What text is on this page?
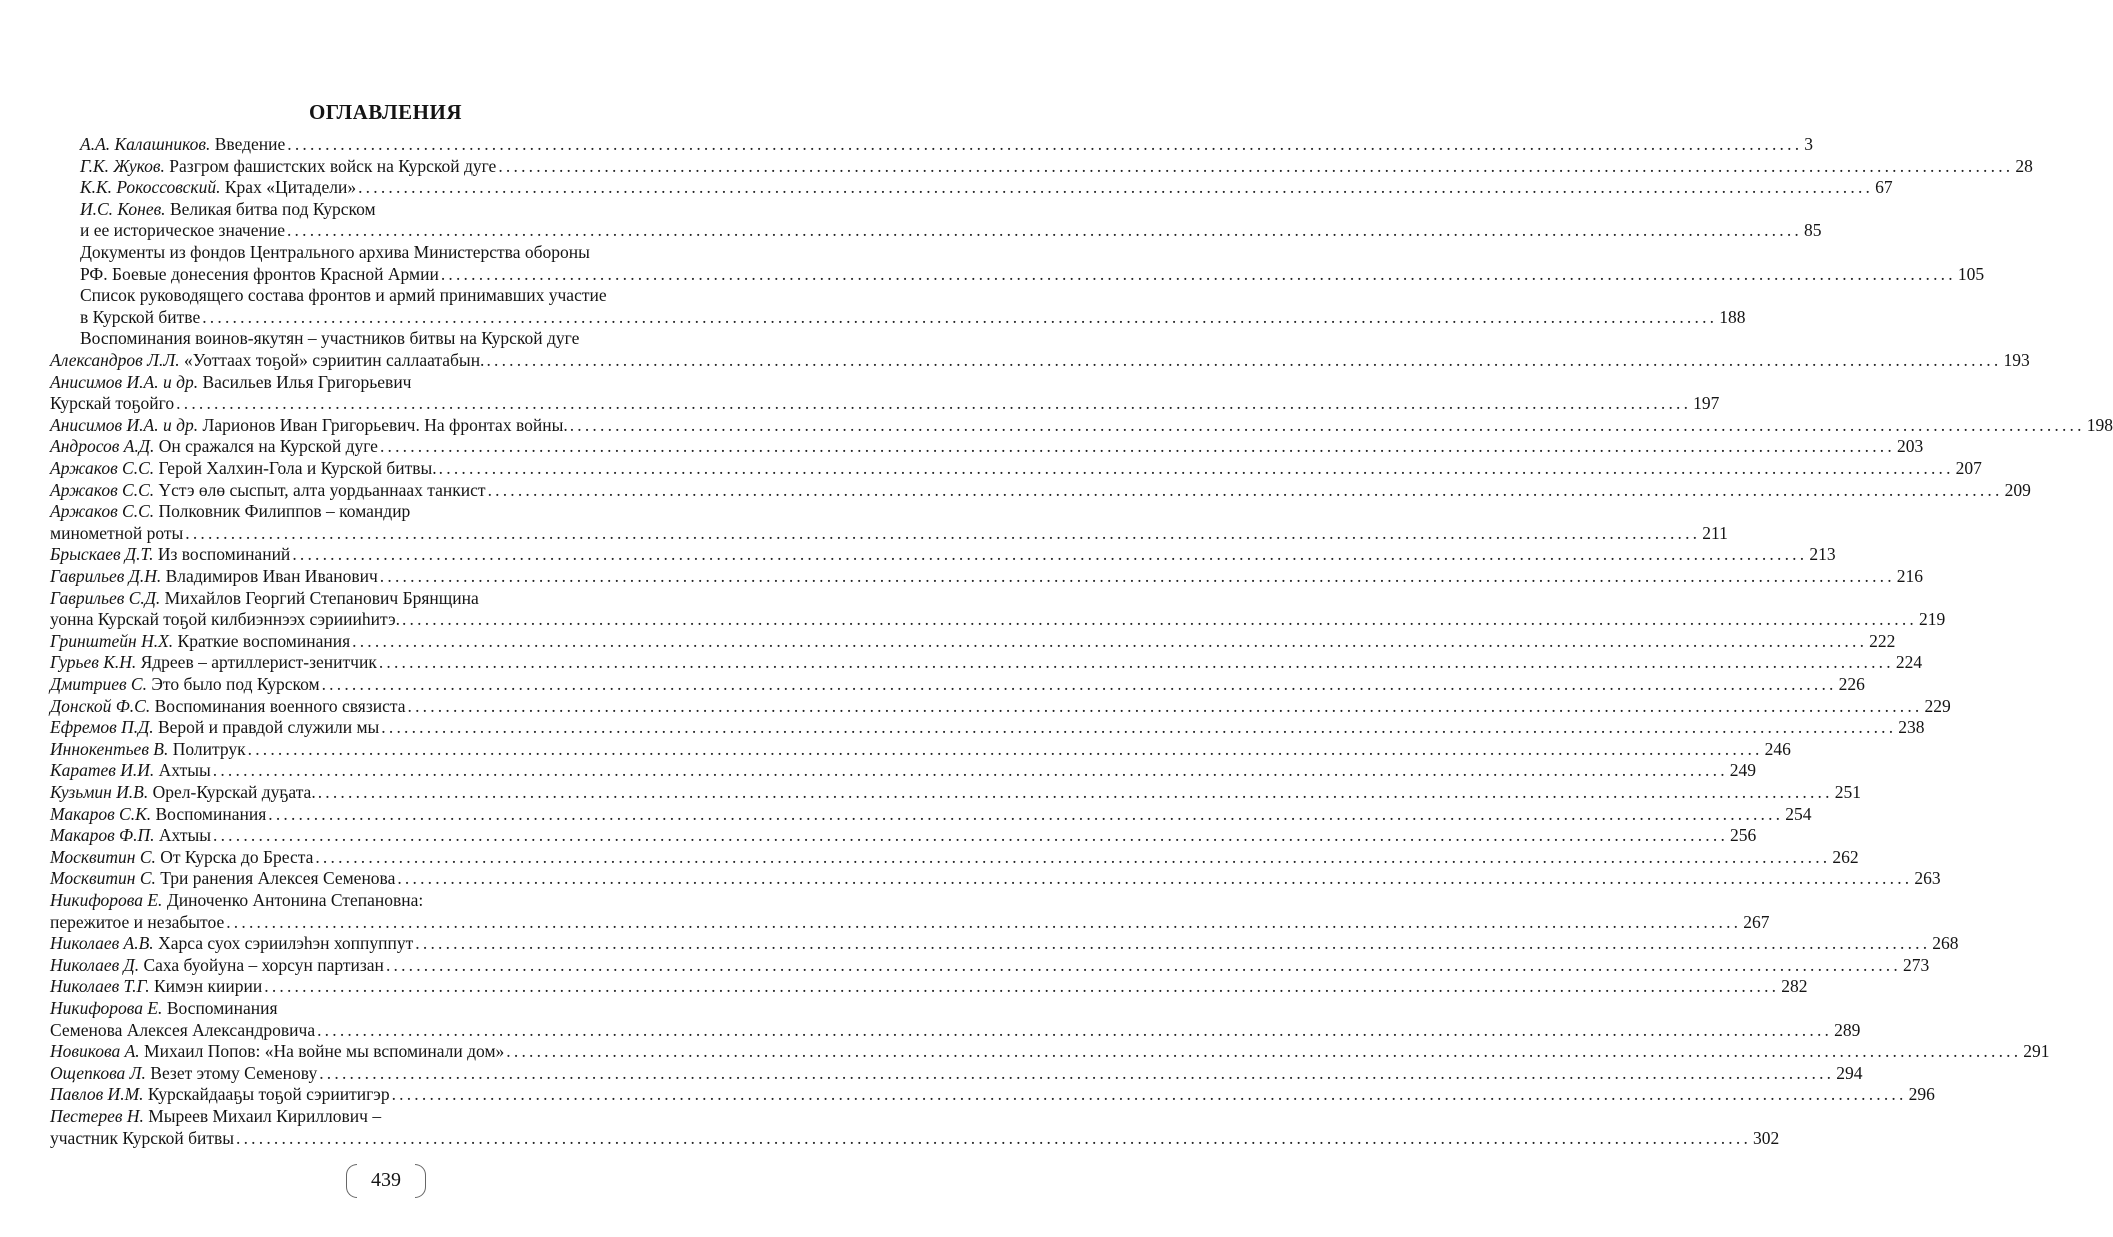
ОГЛАВЛЕНИЯ
А.А. Калашников. Введение ........................................................................................................................................................................................................ 3
Г.К. Жуков. Разгром фашистских войск на Курской дуге ........................................................................................................................................................................................................ 28
К.К. Рокоссовский. Крах «Цитадели» ........................................................................................................................................................................................................ 67
И.С. Конев. Великая битва под Курском
и ее историческое значение ........................................................................................................................................................................................................ 85
Документы из фондов Центрального архива Министерства обороны
РФ. Боевые донесения фронтов Красной Армии ........................................................................................................................................................................................................ 105
Список руководящего состава фронтов и армий принимавших участие
в Курской битве ........................................................................................................................................................................................................ 188
Воспоминания воинов-якутян – участников битвы на Курской дуге
Александров Л.Л. «Уоттаах тоҕой» сэриитин саллаатабын. ........................................................................................................................................................................................................ 193
Анисимов И.А. и др. Васильев Илья Григорьевич
Курскай тоҕойго ........................................................................................................................................................................................................ 197
Анисимов И.А. и др. Ларионов Иван Григорьевич. На фронтах войны. ........................................................................................................................................................................................................ 198
Андросов А.Д. Он сражался на Курской дуге ........................................................................................................................................................................................................ 203
Аржаков С.С. Герой Халхин-Гола и Курской битвы. ........................................................................................................................................................................................................ 207
Аржаков С.С. Үстэ өлө сыспыт, алта уордьаннаах танкист ........................................................................................................................................................................................................ 209
Аржаков С.С. Полковник Филиппов – командир
минометной роты ........................................................................................................................................................................................................ 211
Брыскаев Д.Т. Из воспоминаний ........................................................................................................................................................................................................ 213
Гаврильев Д.Н. Владимиров Иван Иванович ........................................................................................................................................................................................................ 216
Гаврильев С.Д. Михайлов Георгий Степанович Брянщина
уонна Курскай тоҕой килбиэннээх сэриииһитэ. ........................................................................................................................................................................................................ 219
Гринштейн Н.Х. Краткие воспоминания ........................................................................................................................................................................................................ 222
Гурьев К.Н. Ядреев – артиллерист-зенитчик ........................................................................................................................................................................................................ 224
Дмитриев С. Это было под Курском ........................................................................................................................................................................................................ 226
Донской Ф.С. Воспоминания военного связиста ........................................................................................................................................................................................................ 229
Ефремов П.Д. Верой и правдой служили мы ........................................................................................................................................................................................................ 238
Иннокентьев В. Политрук ........................................................................................................................................................................................................ 246
Каратев И.И. Ахтыы ........................................................................................................................................................................................................ 249
Кузьмин И.В. Орел-Курскай дуҕата. ........................................................................................................................................................................................................ 251
Макаров С.К. Воспоминания ........................................................................................................................................................................................................ 254
Макаров Ф.П. Ахтыы ........................................................................................................................................................................................................ 256
Москвитин С. От Курска до Бреста ........................................................................................................................................................................................................ 262
Москвитин С. Три ранения Алексея Семенова ........................................................................................................................................................................................................ 263
Никифорова Е. Диноченко Антонина Степановна:
пережитое и незабытое ........................................................................................................................................................................................................ 267
Николаев А.В. Харса суох сэриилэһэн хоппуппут ........................................................................................................................................................................................................ 268
Николаев Д. Саха буойуна – хорсун партизан ........................................................................................................................................................................................................ 273
Николаев Т.Г. Кимэн киирии ........................................................................................................................................................................................................ 282
Никифорова Е. Воспоминания
Семенова Алексея Александровича ........................................................................................................................................................................................................ 289
Новикова А. Михаил Попов: «На войне мы вспоминали дом» ........................................................................................................................................................................................................ 291
Ощепкова Л. Везет этому Семенову ........................................................................................................................................................................................................ 294
Павлов И.М. Курскайдааҕы тоҕой сэриитигэр ........................................................................................................................................................................................................ 296
Пестерев Н. Мыреев Михаил Кириллович –
участник Курской битвы ........................................................................................................................................................................................................ 302
439
